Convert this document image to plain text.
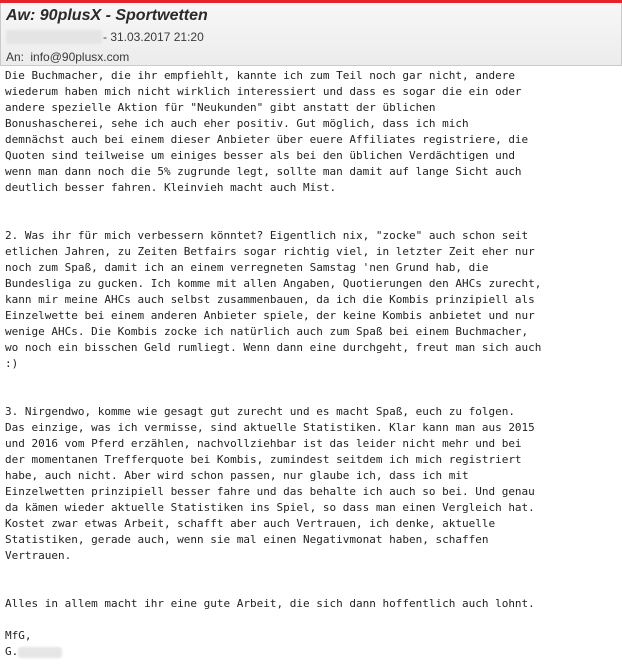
Aw: 90plusX - Sportwetten
- 31.03.2017 21:20
An: info@90plusx.com
Die Buchmacher, die ihr empfiehlt, kannte ich zum Teil noch gar nicht, andere
wiederum haben mich nicht wirklich interessiert und dass es sogar die ein oder
andere spezielle Aktion für "Neukunden" gibt anstatt der üblichen
Bonushascherei, sehe ich auch eher positiv. Gut möglich, dass ich mich
demnächst auch bei einem dieser Anbieter über euere Affiliates registriere, die
Quoten sind teilweise um einiges besser als bei den üblichen Verdächtigen und
wenn man dann noch die 5% zugrunde legt, sollte man damit auf lange Sicht auch
deutlich besser fahren. Kleinvieh macht auch Mist.
2. Was ihr für mich verbessern könntet? Eigentlich nix, "zocke" auch schon seit
etlichen Jahren, zu Zeiten Betfairs sogar richtig viel, in letzter Zeit eher nur
noch zum Spaß, damit ich an einem verregneten Samstag 'nen Grund hab, die
Bundesliga zu gucken. Ich komme mit allen Angaben, Quotierungen den AHCs zurecht,
kann mir meine AHCs auch selbst zusammenbauen, da ich die Kombis prinzipiell als
Einzelwette bei einem anderen Anbieter spiele, der keine Kombis anbietet und nur
wenige AHCs. Die Kombis zocke ich natürlich auch zum Spaß bei einem Buchmacher,
wo noch ein bisschen Geld rumliegt. Wenn dann eine durchgeht, freut man sich auch
:)
3. Nirgendwo, komme wie gesagt gut zurecht und es macht Spaß, euch zu folgen.
Das einzige, was ich vermisse, sind aktuelle Statistiken. Klar kann man aus 2015
und 2016 vom Pferd erzählen, nachvollziehbar ist das leider nicht mehr und bei
der momentanen Trefferquote bei Kombis, zumindest seitdem ich mich registriert
habe, auch nicht. Aber wird schon passen, nur glaube ich, dass ich mit
Einzelwetten prinzipiell besser fahre und das behalte ich auch so bei. Und genau
da kämen wieder aktuelle Statistiken ins Spiel, so dass man einen Vergleich hat.
Kostet zwar etwas Arbeit, schafft aber auch Vertrauen, ich denke, aktuelle
Statistiken, gerade auch, wenn sie mal einen Negativmonat haben, schaffen
Vertrauen.
Alles in allem macht ihr eine gute Arbeit, die sich dann hoffentlich auch lohnt.
MfG,
G.
